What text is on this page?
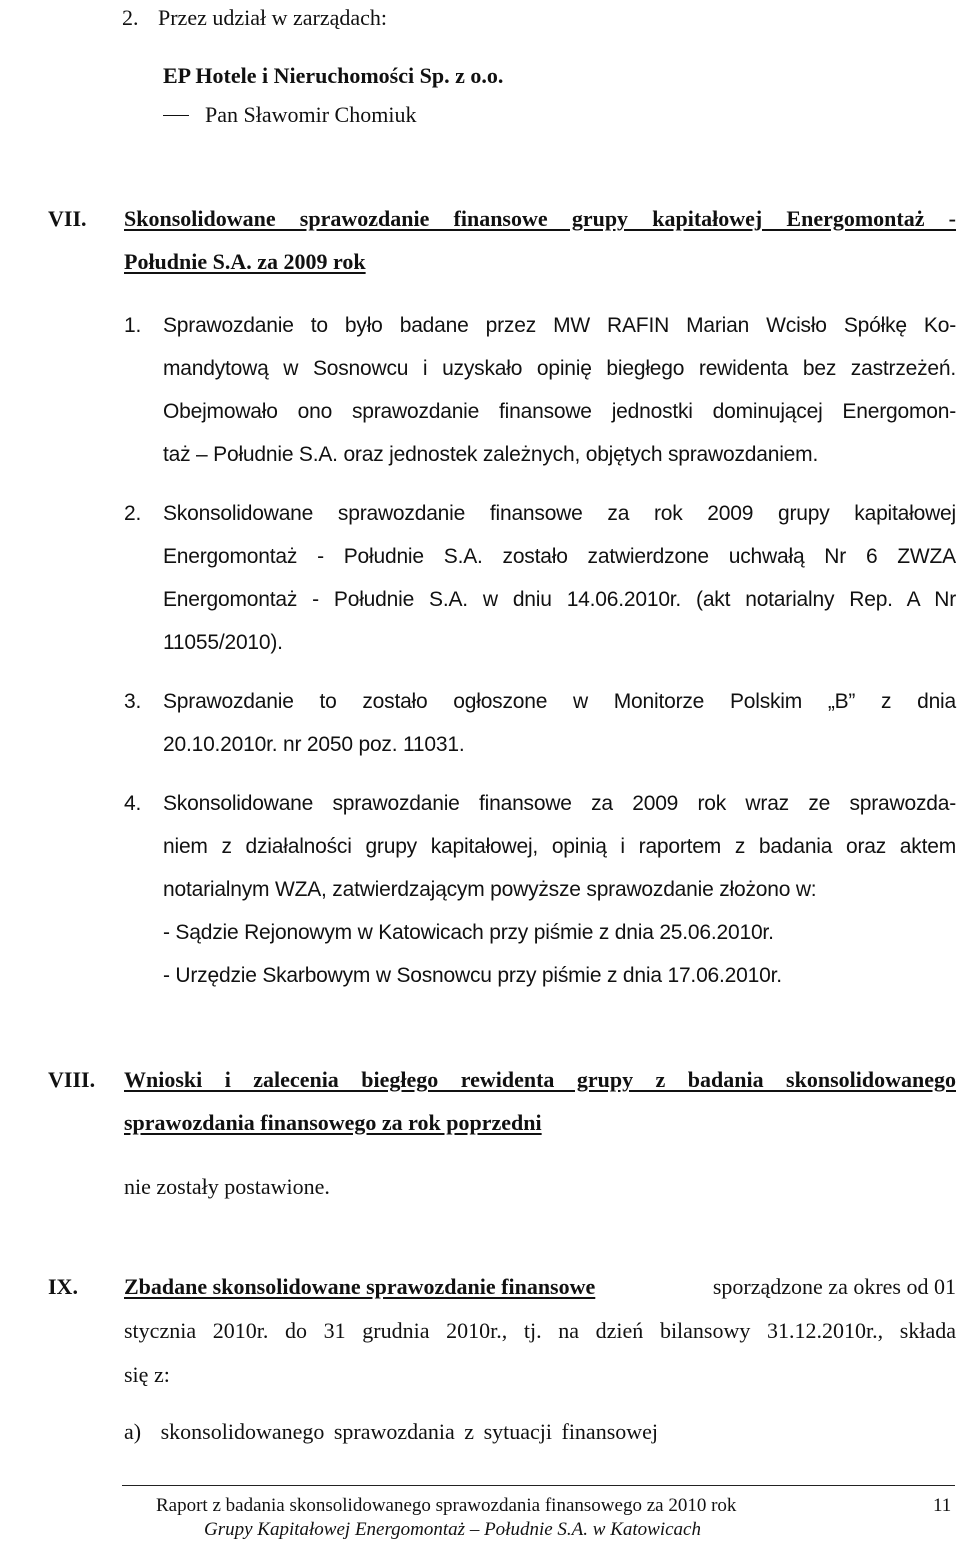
2. Przez udział w zarządach:
EP Hotele i Nieruchomości Sp. z o.o.
Pan Sławomir Chomiuk
VII. Skonsolidowane sprawozdanie finansowe grupy kapitałowej Energomontaż -
Południe S.A. za 2009 rok
1. Sprawozdanie to było badane przez MW RAFIN Marian Wcisło Spółkę Ko-
mandytową w Sosnowcu i uzyskało opinię biegłego rewidenta bez zastrzeżeń.
Obejmowało ono sprawozdanie finansowe jednostki dominującej Energomon-
taż – Południe S.A. oraz jednostek zależnych, objętych sprawozdaniem.
2. Skonsolidowane sprawozdanie finansowe za rok 2009 grupy kapitałowej
Energomontaż - Południe S.A. zostało zatwierdzone uchwałą Nr 6 ZWZA
Energomontaż - Południe S.A. w dniu 14.06.2010r. (akt notarialny Rep. A Nr
11055/2010).
3. Sprawozdanie to zostało ogłoszone w Monitorze Polskim „B” z dnia
20.10.2010r. nr 2050 poz. 11031.
4. Skonsolidowane sprawozdanie finansowe za 2009 rok wraz ze sprawozda-
niem z działalności grupy kapitałowej, opinią i raportem z badania oraz aktem
notarialnym WZA, zatwierdzającym powyższe sprawozdanie złożono w:
- Sądzie Rejonowym w Katowicach przy piśmie z dnia 25.06.2010r.
- Urzędzie Skarbowym w Sosnowcu przy piśmie z dnia 17.06.2010r.
VIII. Wnioski i zalecenia biegłego rewidenta grupy z badania skonsolidowanego
sprawozdania finansowego za rok poprzedni
nie zostały postawione.
IX. Zbadane skonsolidowane sprawozdanie finansowe	sporządzone za okres od 01
stycznia 2010r. do 31 grudnia 2010r., tj. na dzień bilansowy 31.12.2010r., składa
się z:
a) skonsolidowanego sprawozdania z sytuacji finansowej
Raport z badania skonsolidowanego sprawozdania finansowego za 2010 rok
Grupy Kapitałowej Energomontaż – Południe S.A. w Katowicach
11
